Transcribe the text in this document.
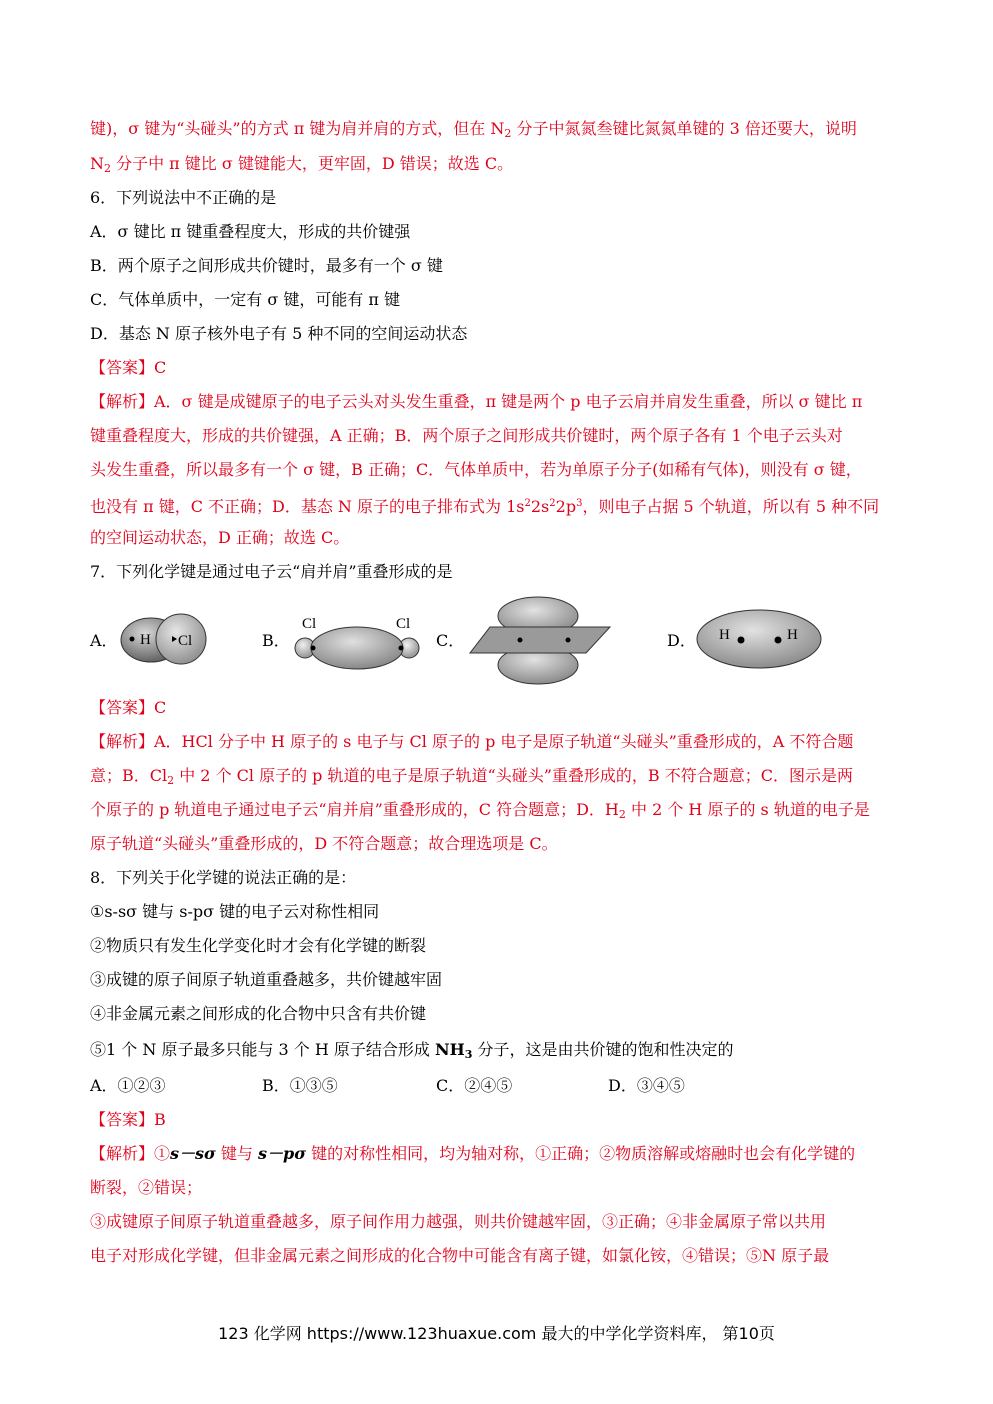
键)，σ 键为“头碰头”的方式 π 键为肩并肩的方式，但在 $N_2$ 分子中氮氮叁键比氮氮单键的 3 倍还要大，说明
$N_2$ 分子中 π 键比 σ 键键能大，更牢固，D 错误；故选 C。
6．下列说法中不正确的是
A．σ 键比 π 键重叠程度大，形成的共价键强
B．两个原子之间形成共价键时，最多有一个 σ 键
C．气体单质中，一定有 σ 键，可能有 π 键
D．基态 N 原子核外电子有 5 种不同的空间运动状态
【答案】C
【解析】A．σ 键是成键原子的电子云头对头发生重叠，π 键是两个 p 电子云肩并肩发生重叠，所以 σ 键比 π
键重叠程度大，形成的共价键强，A 正确；B．两个原子之间形成共价键时，两个原子各有 1 个电子云头对
头发生重叠，所以最多有一个 σ 键，B 正确；C．气体单质中，若为单原子分子(如稀有气体)，则没有 σ 键，
也没有 π 键，C 不正确；D．基态 N 原子的电子排布式为 $1s^22s^22p^3$，则电子占据 5 个轨道，所以有 5 种不同
的空间运动状态，D 正确；故选 C。
7．下列化学键是通过电子云“肩并肩”重叠形成的是
A． H Cl	B．
Cl	Cl
C．	D． H	H
【答案】C
【解析】A．HCl 分子中 H 原子的 s 电子与 Cl 原子的 p 电子是原子轨道“头碰头”重叠形成的，A 不符合题
意；B．$Cl_2$ 中 2 个 Cl 原子的 p 轨道的电子是原子轨道“头碰头”重叠形成的，B 不符合题意；C．图示是两
个原子的 p 轨道电子通过电子云“肩并肩”重叠形成的，C 符合题意；D．$H_2$ 中 2 个 H 原子的 s 轨道的电子是
原子轨道“头碰头”重叠形成的，D 不符合题意；故合理选项是 C。
8．下列关于化学键的说法正确的是：
①s-sσ 键与 s-pσ 键的电子云对称性相同
②物质只有发生化学变化时才会有化学键的断裂
③成键的原子间原子轨道重叠越多，共价键越牢固
④非金属元素之间形成的化合物中只含有共价键
⑤1 个 N 原子最多只能与 3 个 H 原子结合形成 $NH_3$ 分子，这是由共价键的饱和性决定的
A．①②③	B．①③⑤	C．②④⑤	D．③④⑤
【答案】B
【解析】①s－sσ 键与 s－pσ 键的对称性相同，均为轴对称，①正确；②物质溶解或熔融时也会有化学键的
断裂，②错误；
③成键原子间原子轨道重叠越多，原子间作用力越强，则共价键越牢固，③正确；④非金属原子常以共用
电子对形成化学键，但非金属元素之间形成的化合物中可能含有离子键，如氯化铵，④错误；⑤N 原子最
123 化学网 https://www.123huaxue.com 最大的中学化学资料库， 第10页
